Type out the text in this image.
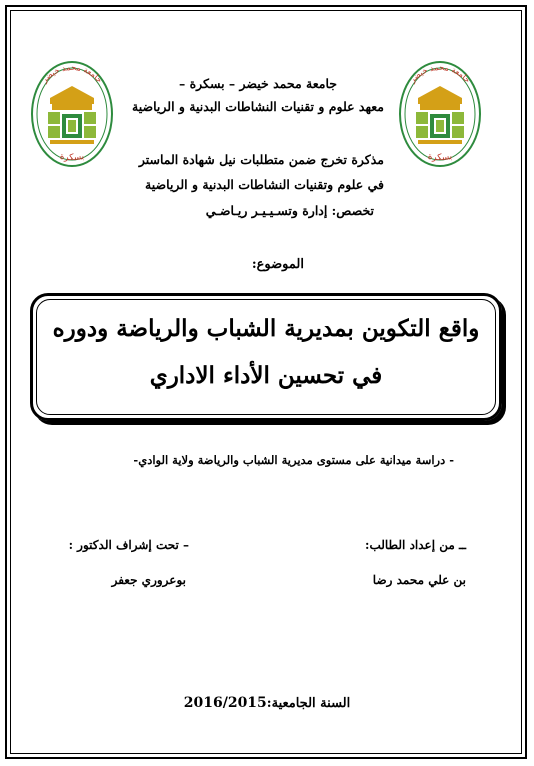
جامعة محمد خيضر
بسكرة
جامعة محمد خيضر
بسكرة
جامعة محمد خيضر – بسكرة –
معهد علوم و تقنيات النشاطات البدنية و الرياضية
مذكرة تخرج ضمن متطلبات نيل شهادة الماستر
في علوم وتقنيات النشاطات البدنية و الرياضية
تخصص: إدارة وتسـيـيـر ريـاضـي
الموضوع:
واقع التكوين بمديرية الشباب والرياضة ودوره
في تحسين الأداء الاداري
- دراسة ميدانية على مستوى مديرية الشباب والرياضة ولاية الوادي-
ــ من إعداد الطالب:
– تحت إشراف الدكتور :
بن علي محمد رضا
بوعروري جعفر
السنة الجامعية:2016/2015
